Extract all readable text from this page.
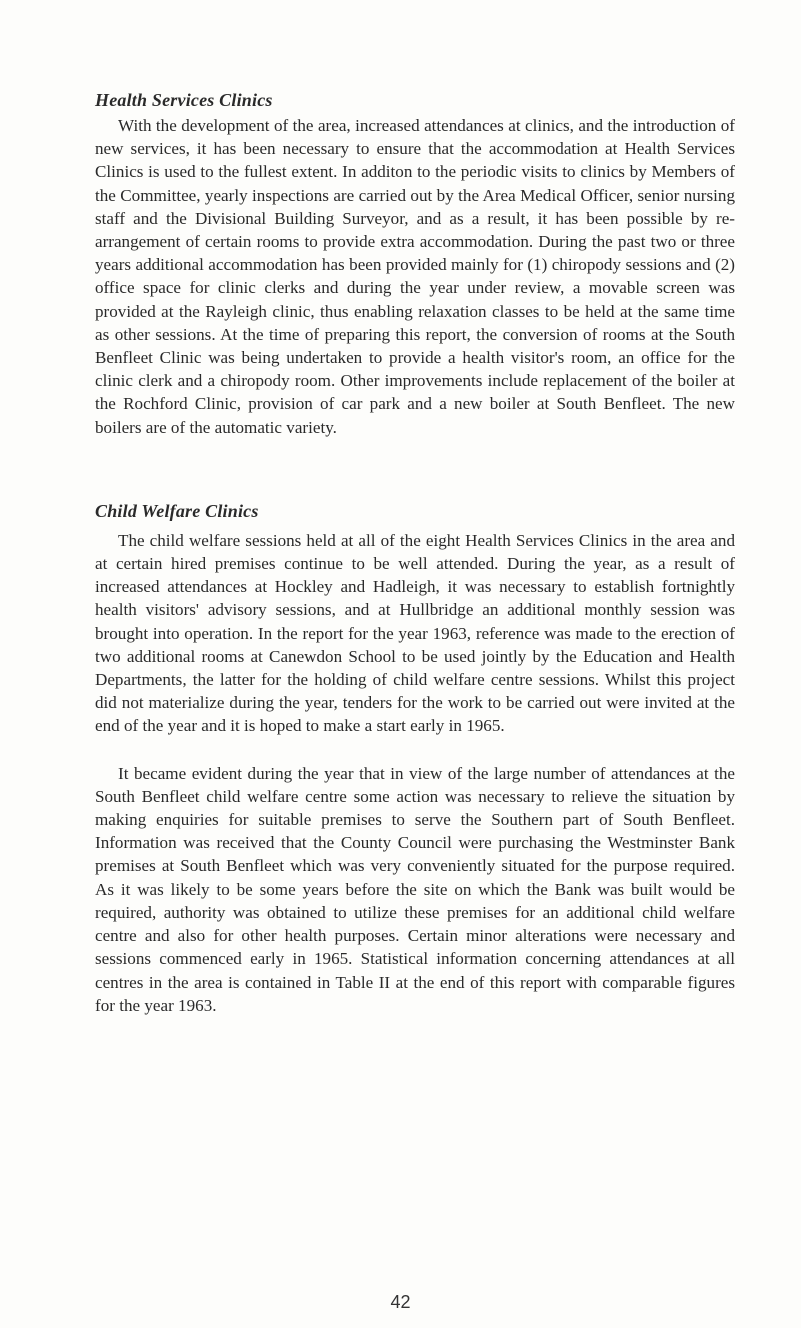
Health Services Clinics

With the development of the area, increased attendances at clinics, and the introduction of new services, it has been necessary to ensure that the accommodation at Health Services Clinics is used to the fullest extent. In additon to the periodic visits to clinics by Members of the Committee, yearly inspections are carried out by the Area Medical Officer, senior nursing staff and the Divisional Building Surveyor, and as a result, it has been possible by re-arrangement of certain rooms to provide extra accommodation. During the past two or three years additional accommodation has been provided mainly for (1) chiropody sessions and (2) office space for clinic clerks and during the year under review, a movable screen was provided at the Rayleigh clinic, thus enabling relaxation classes to be held at the same time as other sessions. At the time of preparing this report, the conversion of rooms at the South Benfleet Clinic was being undertaken to provide a health visitor's room, an office for the clinic clerk and a chiropody room. Other improvements include replacement of the boiler at the Rochford Clinic, provision of car park and a new boiler at South Benfleet. The new boilers are of the automatic variety.

Child Welfare Clinics

The child welfare sessions held at all of the eight Health Services Clinics in the area and at certain hired premises continue to be well attended. During the year, as a result of increased attendances at Hockley and Hadleigh, it was necessary to establish fortnightly health visitors' advisory sessions, and at Hullbridge an additional monthly session was brought into operation. In the report for the year 1963, reference was made to the erection of two additional rooms at Canewdon School to be used jointly by the Education and Health Departments, the latter for the holding of child welfare centre sessions. Whilst this project did not materialize during the year, tenders for the work to be carried out were invited at the end of the year and it is hoped to make a start early in 1965.

It became evident during the year that in view of the large number of attendances at the South Benfleet child welfare centre some action was necessary to relieve the situation by making enquiries for suitable premises to serve the Southern part of South Benfleet. Information was received that the County Council were purchasing the Westminster Bank premises at South Benfleet which was very conveniently situated for the purpose required. As it was likely to be some years before the site on which the Bank was built would be required, authority was obtained to utilize these premises for an additional child welfare centre and also for other health purposes. Certain minor alterations were necessary and sessions commenced early in 1965. Statistical information concerning attendances at all centres in the area is contained in Table II at the end of this report with comparable figures for the year 1963.

42
